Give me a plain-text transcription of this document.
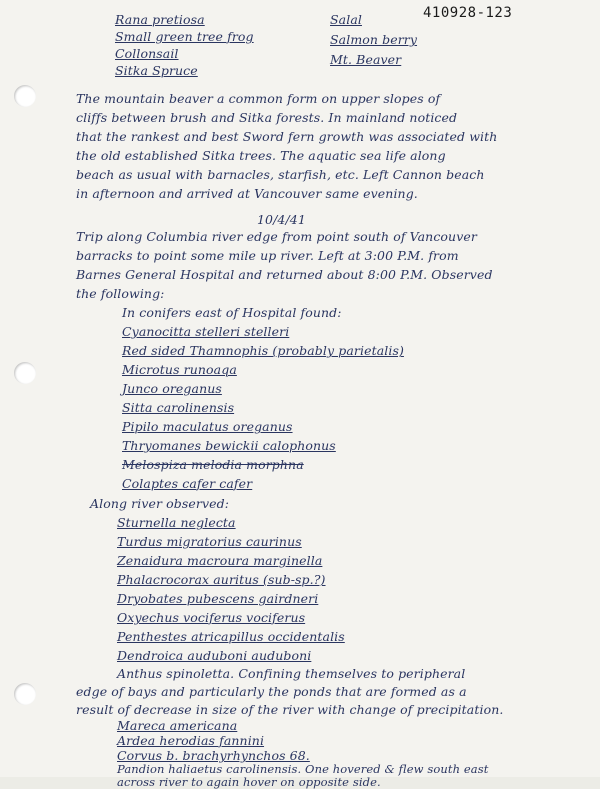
410928-123
Rana pretiosa
Small green tree frog
Collonsail
Sitka Spruce
Salal
Salmon berry
Mt. Beaver
The mountain beaver a common form on upper slopes of
cliffs between brush and Sitka forests. In mainland noticed
that the rankest and best Sword fern growth was associated with
the old established Sitka trees. The aquatic sea life along
beach as usual with barnacles, starfish, etc. Left Cannon beach
in afternoon and arrived at Vancouver same evening.
10/4/41
Trip along Columbia river edge from point south of Vancouver
barracks to point some mile up river. Left at 3:00 P.M. from
Barnes General Hospital and returned about 8:00 P.M. Observed
the following:
In conifers east of Hospital found:
Cyanocitta stelleri stelleri
Red sided Thamnophis (probably parietalis)
Microtus runoaqa
Junco oreganus
Sitta carolinensis
Pipilo maculatus oreganus
Thryomanes bewickii calophonus
Melospiza melodia morphna
Colaptes cafer cafer
Along river observed:
Sturnella neglecta
Turdus migratorius caurinus
Zenaidura macroura marginella
Phalacrocorax auritus (sub-sp.?)
Dryobates pubescens gairdneri
Oxyechus vociferus vociferus
Penthestes atricapillus occidentalis
Dendroica auduboni auduboni
Anthus spinoletta. Confining themselves to peripheral
edge of bays and particularly the ponds that are formed as a
result of decrease in size of the river with change of precipitation.
Mareca americana
Ardea herodias fannini
Corvus b. brachyrhynchos 68.
Pandion haliaetus carolinensis. One hovered & flew south east
across river to again hover on opposite side.
